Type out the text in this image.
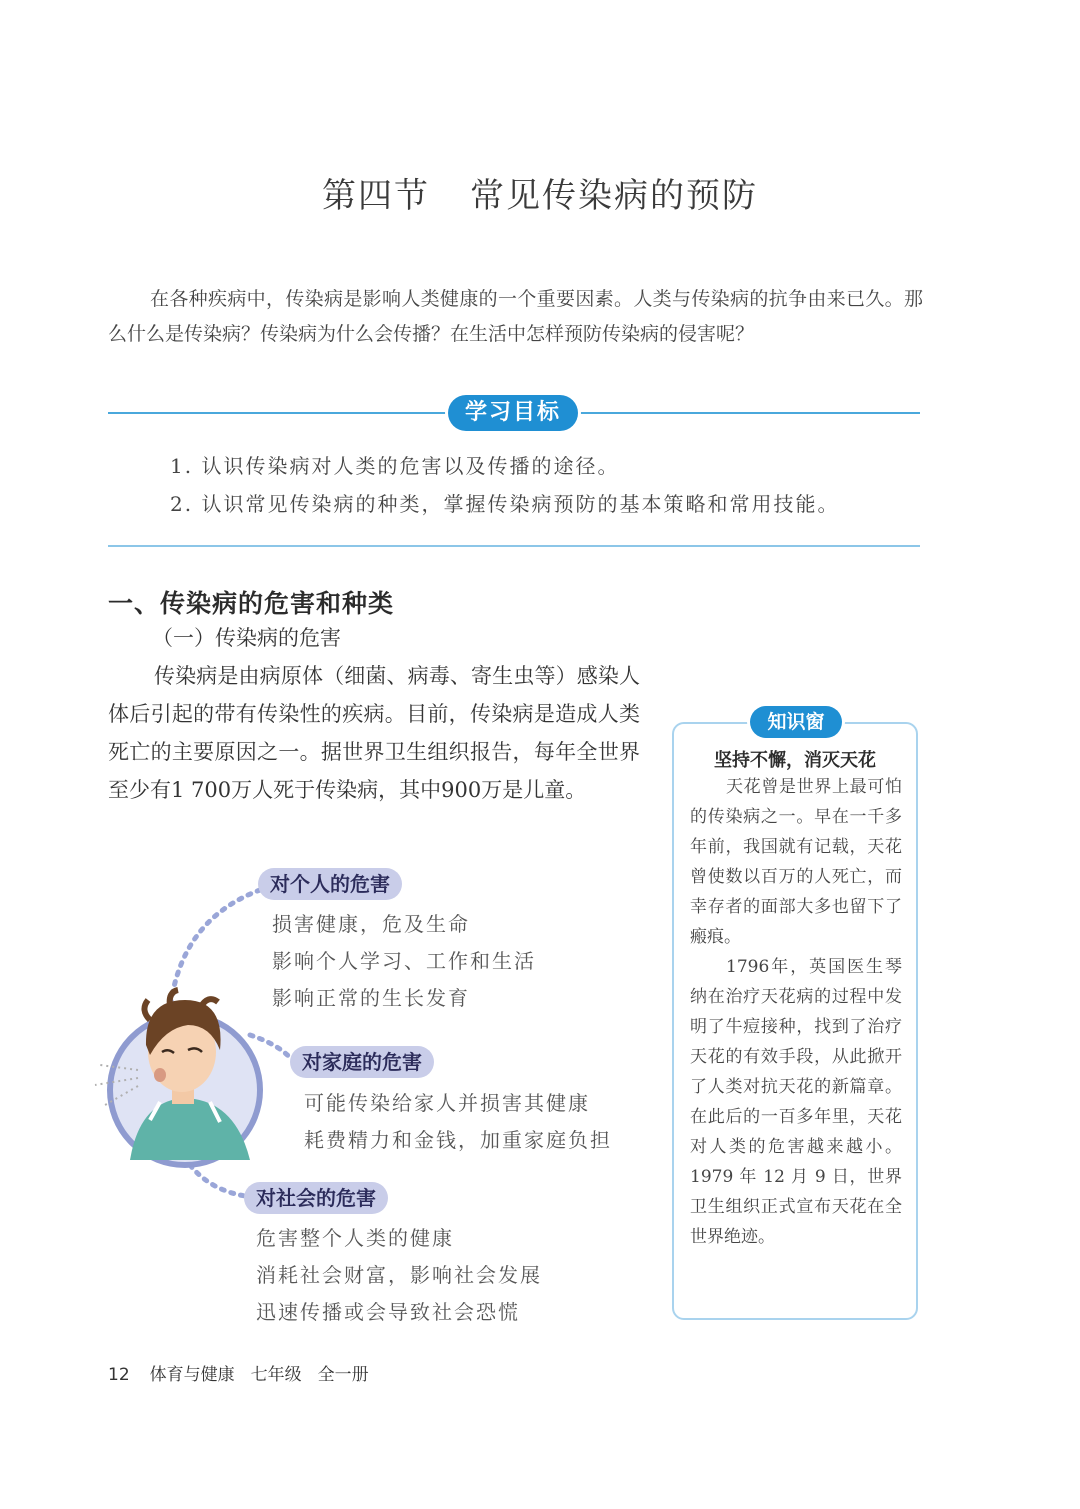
第四节 常见传染病的预防
在各种疾病中，传染病是影响人类健康的一个重要因素。人类与传染病的抗争由来已久。那么什么是传染病？传染病为什么会传播？在生活中怎样预防传染病的侵害呢？
学习目标
1. 认识传染病对人类的危害以及传播的途径。
2. 认识常见传染病的种类，掌握传染病预防的基本策略和常用技能。
一、传染病的危害和种类
（一）传染病的危害
传染病是由病原体（细菌、病毒、寄生虫等）感染人体后引起的带有传染性的疾病。目前，传染病是造成人类死亡的主要原因之一。据世界卫生组织报告，每年全世界至少有1 700万人死于传染病，其中900万是儿童。
对个人的危害
损害健康，危及生命
影响个人学习、工作和生活
影响正常的生长发育
对家庭的危害
可能传染给家人并损害其健康
耗费精力和金钱，加重家庭负担
对社会的危害
危害整个人类的健康
消耗社会财富，影响社会发展
迅速传播或会导致社会恐慌
知识窗
坚持不懈，消灭天花

天花曾是世界上最可怕的传染病之一。早在一千多年前，我国就有记载，天花曾使数以百万的人死亡，而幸存者的面部大多也留下了瘢痕。

1796年，英国医生琴纳在治疗天花病的过程中发明了牛痘接种，找到了治疗天花的有效手段，从此掀开了人类对抗天花的新篇章。在此后的一百多年里，天花对人类的危害越来越小。1979 年 12 月 9 日，世界卫生组织正式宣布天花在全世界绝迹。

12 体育与健康 七年级 全一册
